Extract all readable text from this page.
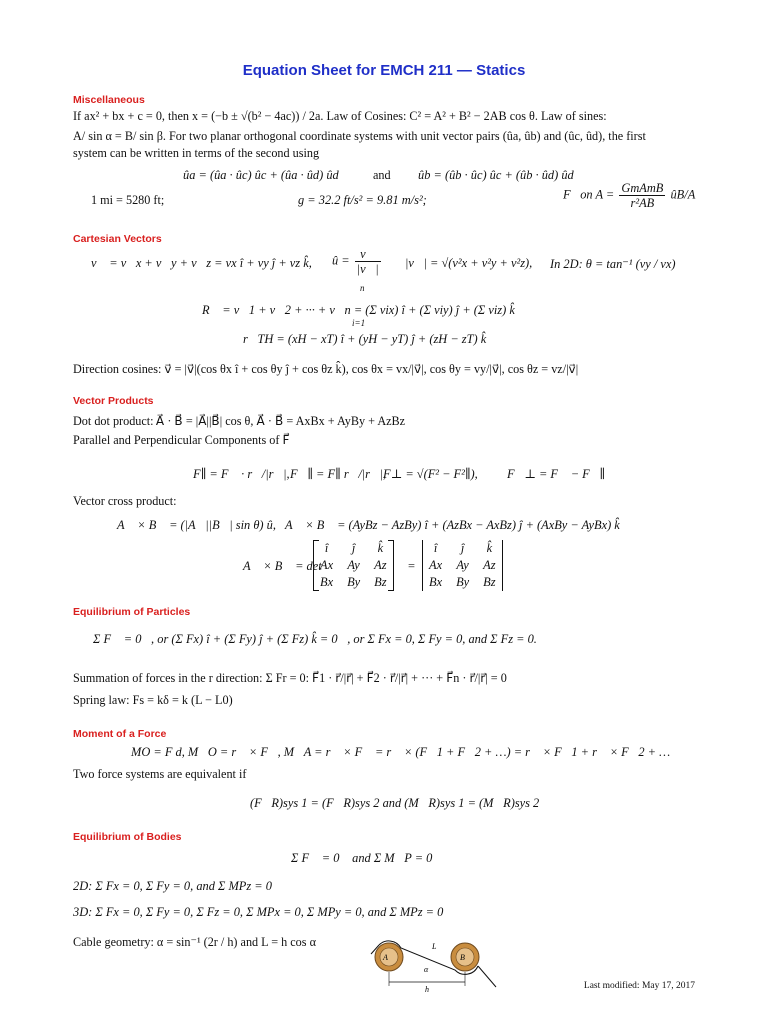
Equation Sheet for EMCH 211 — Statics
Miscellaneous
If ax² + bx + c = 0, then x = (−b ± √(b² − 4ac)) / 2a. Law of Cosines: C² = A² + B² − 2AB cos θ. Law of sines:
A/ sin α = B/ sin β. For two planar orthogonal coordinate systems with unit vector pairs (ûa, ûb) and (ûc, ûd), the first
system can be written in terms of the second using
ûa = (ûa · ûc) ûc + (ûa · ûd) ûd	and ûb = (ûb · ûc) ûc + (ûb · ûd) ûd
1 mi = 5280 ft;	g = 32.2 ft/s² = 9.81 m/s²;	F⃗on $A = \frac{\text{GmAmB}}{\text{r²AB}}$ ûB/A
Cartesian Vectors
v⃗ = v⃗x + v⃗y + v⃗z = vx î + vy ĵ + vz k̂, û = $\frac{v⃗}{|v⃗|}$ |v⃗| = √(v²x + v²y + v²z), In 2D: θ = tan⁻¹ (vy / vx)
R⃗ = v⃗1 + v⃗2 + ··· + v⃗n = (Σ vix) î + (Σ viy) ĵ + (Σ viz) k̂
n
i=1
r⃗TH = (xH − xT) î + (yH − yT) ĵ + (zH − zT) k̂
Direction cosines: v⃗ = |v⃗|(cos θx î + cos θy ĵ + cos θz k̂), cos θx = vx/|v⃗|, cos θy = vy/|v⃗|, cos θz = vz/|v⃗|
Vector Products
Dot dot product: A⃗ · B⃗ = |A⃗||B⃗| cos θ, A⃗ · B⃗ = AxBx + AyBy + AzBz
Parallel and Perpendicular Components of F⃗
F∥ = F⃗ · r⃗/|r⃗|, F⃗∥ = F∥ r⃗/|r⃗|,
F⊥ = √(F² − F²∥), F⃗⊥ = F⃗ − F⃗∥
Vector cross product:
A⃗ × B⃗ = (|A⃗||B⃗| sin θ) û, A⃗ × B⃗ = (AyBz − AzBy) î + (AzBx − AxBz) ĵ + (AxBy − AyBx) k̂
A⃗ × B⃗ = det
î	ĵ	k̂
Ax	Ay	Az
Bx	By	Bz
=
î	ĵ	k̂
Ax	Ay	Az
Bx	By	Bz
Equilibrium of Particles
Σ F⃗ = 0⃗, or (Σ Fx) î + (Σ Fy) ĵ + (Σ Fz) k̂ = 0⃗, or Σ Fx = 0, Σ Fy = 0, and Σ Fz = 0.
Summation of forces in the r direction: Σ Fr = 0: F⃗1 · r⃗/|r⃗| + F⃗2 · r⃗/|r⃗| + ··· + F⃗n · r⃗/|r⃗| = 0
Spring law: Fs = kδ = k (L − L0)
Moment of a Force
MO = F d, M⃗O = r⃗ × F⃗, M⃗A = r⃗ × F⃗ = r⃗ × (F⃗1 + F⃗2 + …) = r⃗ × F⃗1 + r⃗ × F⃗2 + …
Two force systems are equivalent if
(F⃗R)sys 1 = (F⃗R)sys 2 and (M⃗R)sys 1 = (M⃗R)sys 2
Equilibrium of Bodies
Σ F⃗ = 0⃗ and Σ M⃗P = 0⃗
2D: Σ Fx = 0, Σ Fy = 0, and Σ MPz = 0
3D: Σ Fx = 0, Σ Fy = 0, Σ Fz = 0, Σ MPx = 0, Σ MPy = 0, and Σ MPz = 0
Cable geometry: α = sin⁻¹ (2r / h) and L = h cos α
A	B
L
α
h	Last modified: May 17, 2017
